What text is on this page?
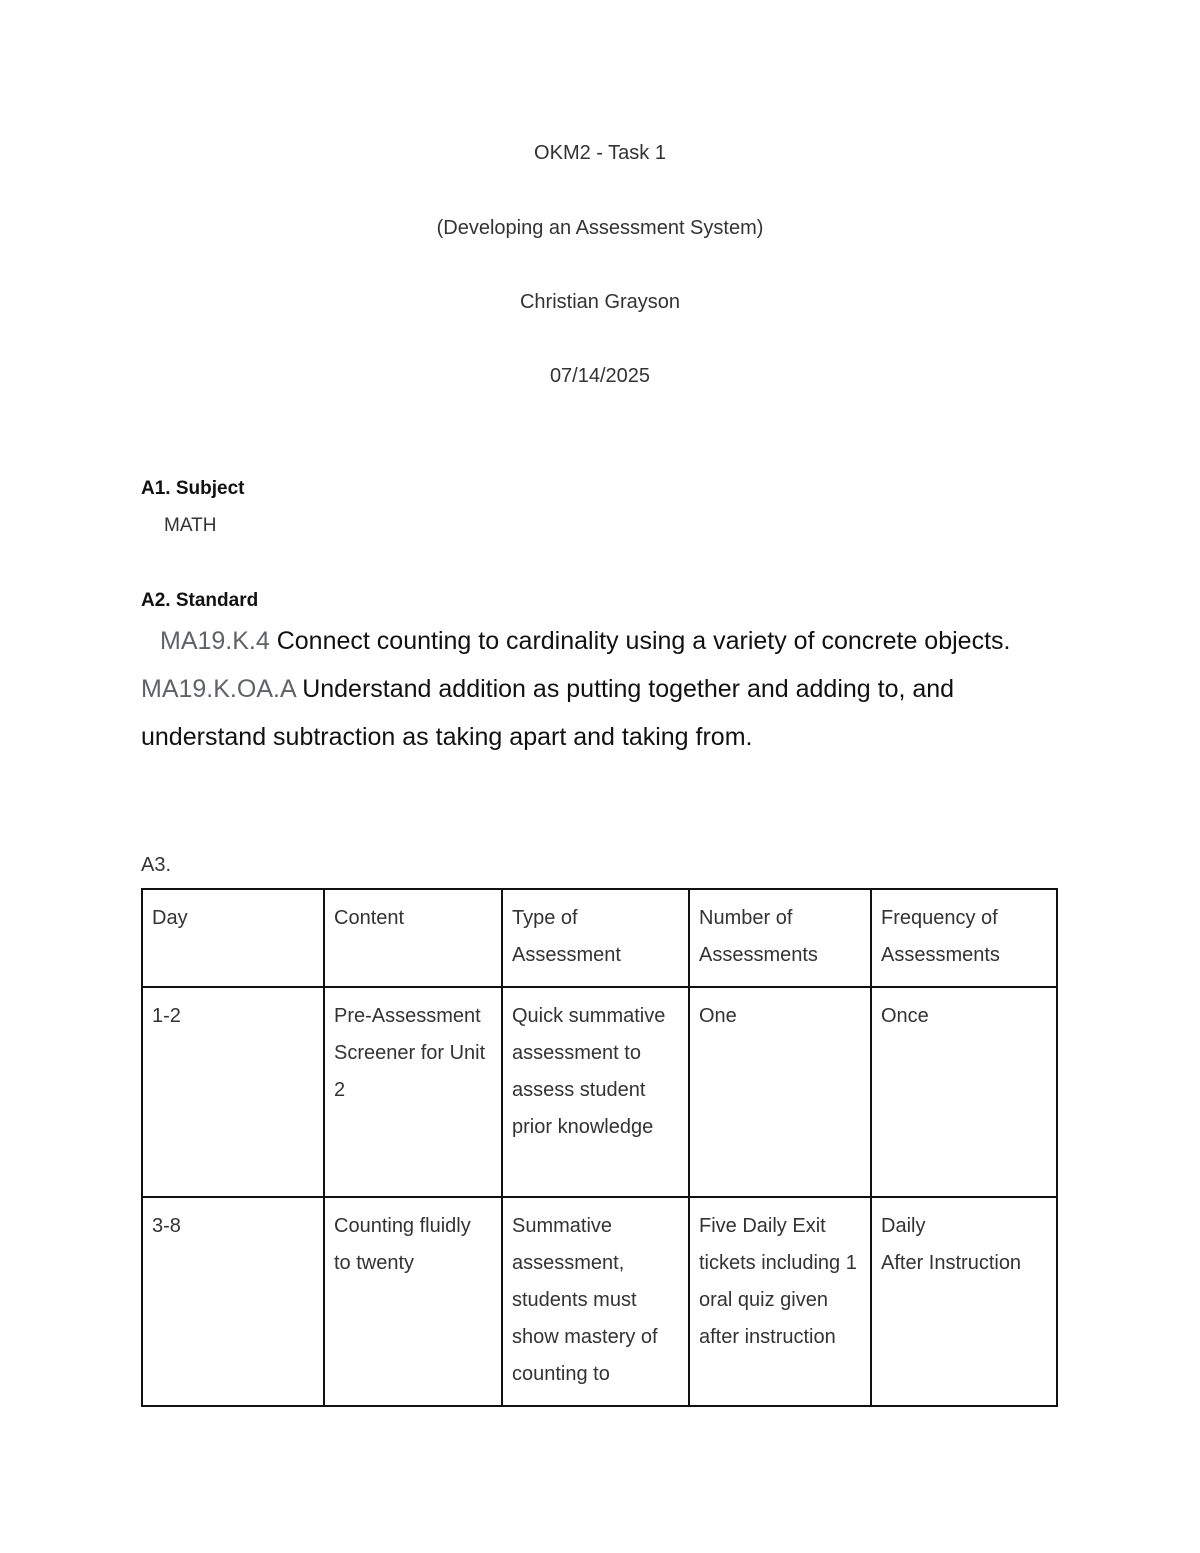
OKM2 - Task 1
(Developing an Assessment System)
Christian Grayson
07/14/2025
A1. Subject
MATH
A2. Standard
MA19.K.4 Connect counting to cardinality using a variety of concrete objects.
MA19.K.OA.A Understand addition as putting together and adding to, and understand subtraction as taking apart and taking from.
A3.
Day	Content	Type of Assessment	Number of Assessments	Frequency of Assessments
1-2	Pre-Assessment Screener for Unit 2	Quick summative assessment to assess student prior knowledge	One	Once

3-8	Counting fluidly to twenty	Summative assessment, students must show mastery of counting to	Five Daily Exit tickets including 1 oral quiz given after instruction	Daily
After Instruction
